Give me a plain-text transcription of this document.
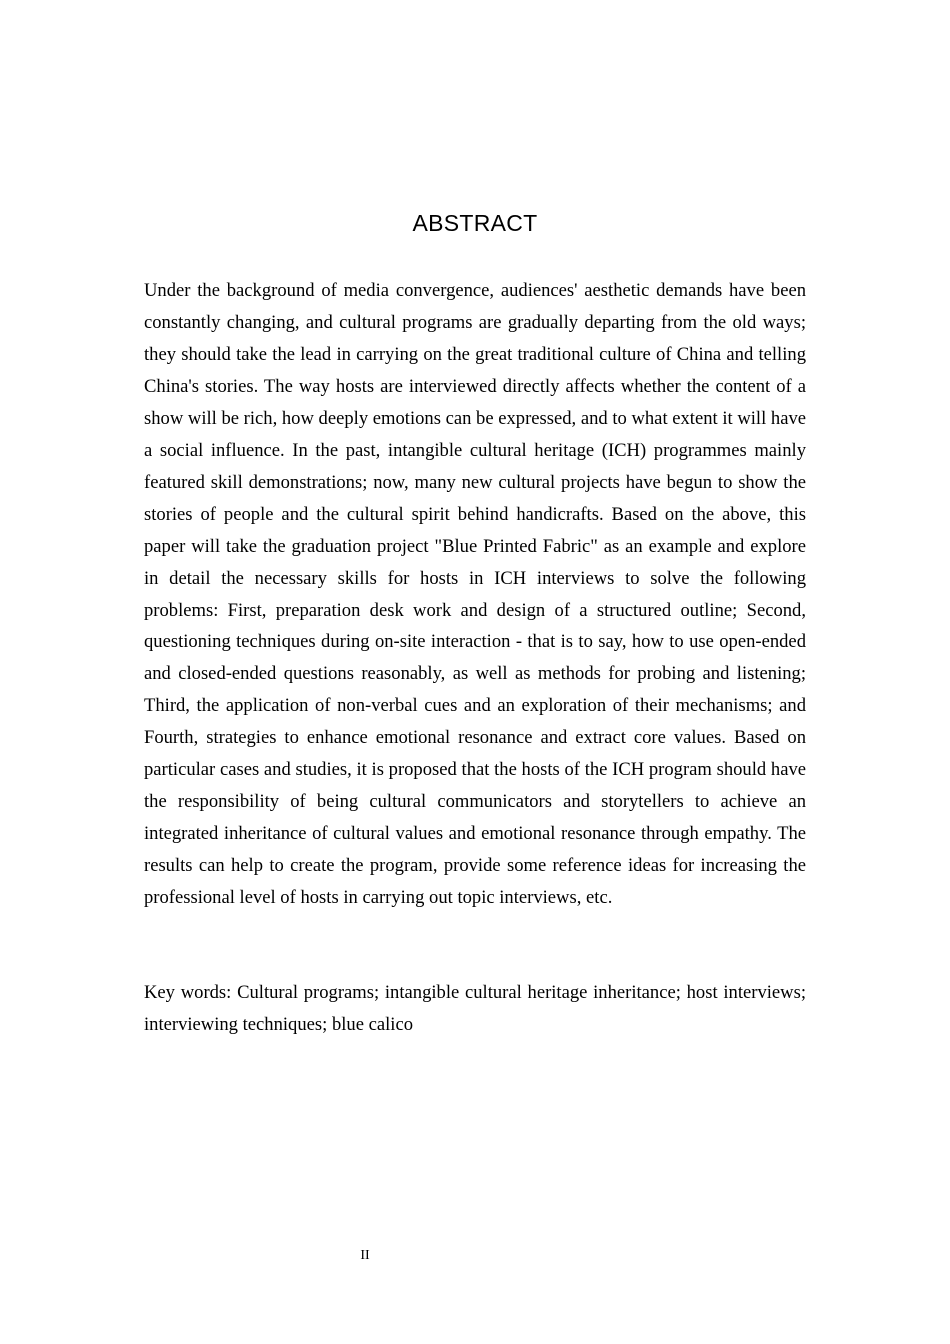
ABSTRACT

Under the background of media convergence, audiences' aesthetic demands have been constantly changing, and cultural programs are gradually departing from the old ways; they should take the lead in carrying on the great traditional culture of China and telling China's stories. The way hosts are interviewed directly affects whether the content of a show will be rich, how deeply emotions can be expressed, and to what extent it will have a social influence. In the past, intangible cultural heritage (ICH) programmes mainly featured skill demonstrations; now, many new cultural projects have begun to show the stories of people and the cultural spirit behind handicrafts. Based on the above, this paper will take the graduation project "Blue Printed Fabric" as an example and explore in detail the necessary skills for hosts in ICH interviews to solve the following problems: First, preparation desk work and design of a structured outline; Second, questioning techniques during on-site interaction - that is to say, how to use open-ended and closed-ended questions reasonably, as well as methods for probing and listening; Third, the application of non-verbal cues and an exploration of their mechanisms; and Fourth, strategies to enhance emotional resonance and extract core values. Based on particular cases and studies, it is proposed that the hosts of the ICH program should have the responsibility of being cultural communicators and storytellers to achieve an integrated inheritance of cultural values and emotional resonance through empathy. The results can help to create the program, provide some reference ideas for increasing the professional level of hosts in carrying out topic interviews, etc.

Key words: Cultural programs; intangible cultural heritage inheritance; host interviews; interviewing techniques; blue calico

II
